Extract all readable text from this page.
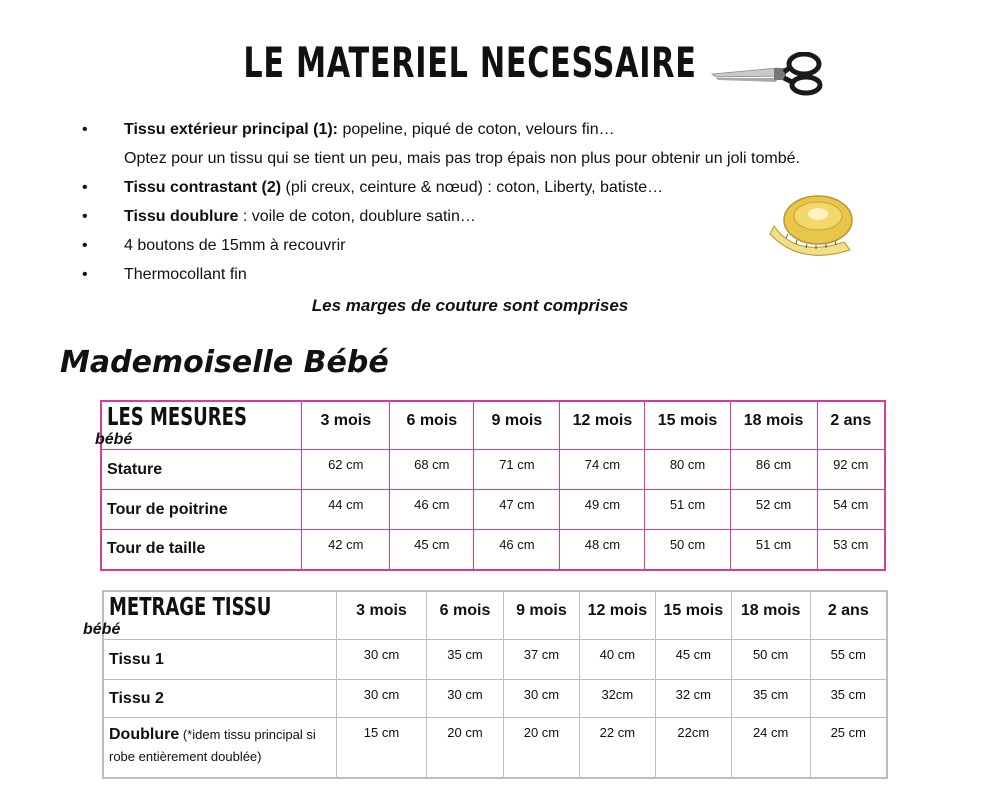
LE MATERIEL NECESSAIRE
• Tissu extérieur principal (1): popeline, piqué de coton, velours fin…
Optez pour un tissu qui se tient un peu, mais pas trop épais non plus pour obtenir un joli tombé.
• Tissu contrastant (2) (pli creux, ceinture & nœud) : coton, Liberty, batiste…
• Tissu doublure : voile de coton, doublure satin…
• 4 boutons de 15mm à recouvrir
• Thermocollant fin
Les marges de couture sont comprises
Mademoiselle Bébé
LES MESURESbébé	3 mois	6 mois	9 mois	12 mois	15 mois	18 mois	2 ans
Stature	62 cm	68 cm	71 cm	74 cm	80 cm	86 cm	92 cm
Tour de poitrine	44 cm	46 cm	47 cm	49 cm	51 cm	52 cm	54 cm
Tour de taille	42 cm	45 cm	46 cm	48 cm	50 cm	51 cm	53 cm
METRAGE TISSUbébé	3 mois	6 mois	9 mois	12 mois	15 mois	18 mois	2 ans
Tissu 1	30 cm	35 cm	37 cm	40 cm	45 cm	50 cm	55 cm
Tissu 2	30 cm	30 cm	30 cm	32cm	32 cm	35 cm	35 cm
Doublure (*idem tissu principal si robe entièrement doublée)	15 cm	20 cm	20 cm	22 cm	22cm	24 cm	25 cm
